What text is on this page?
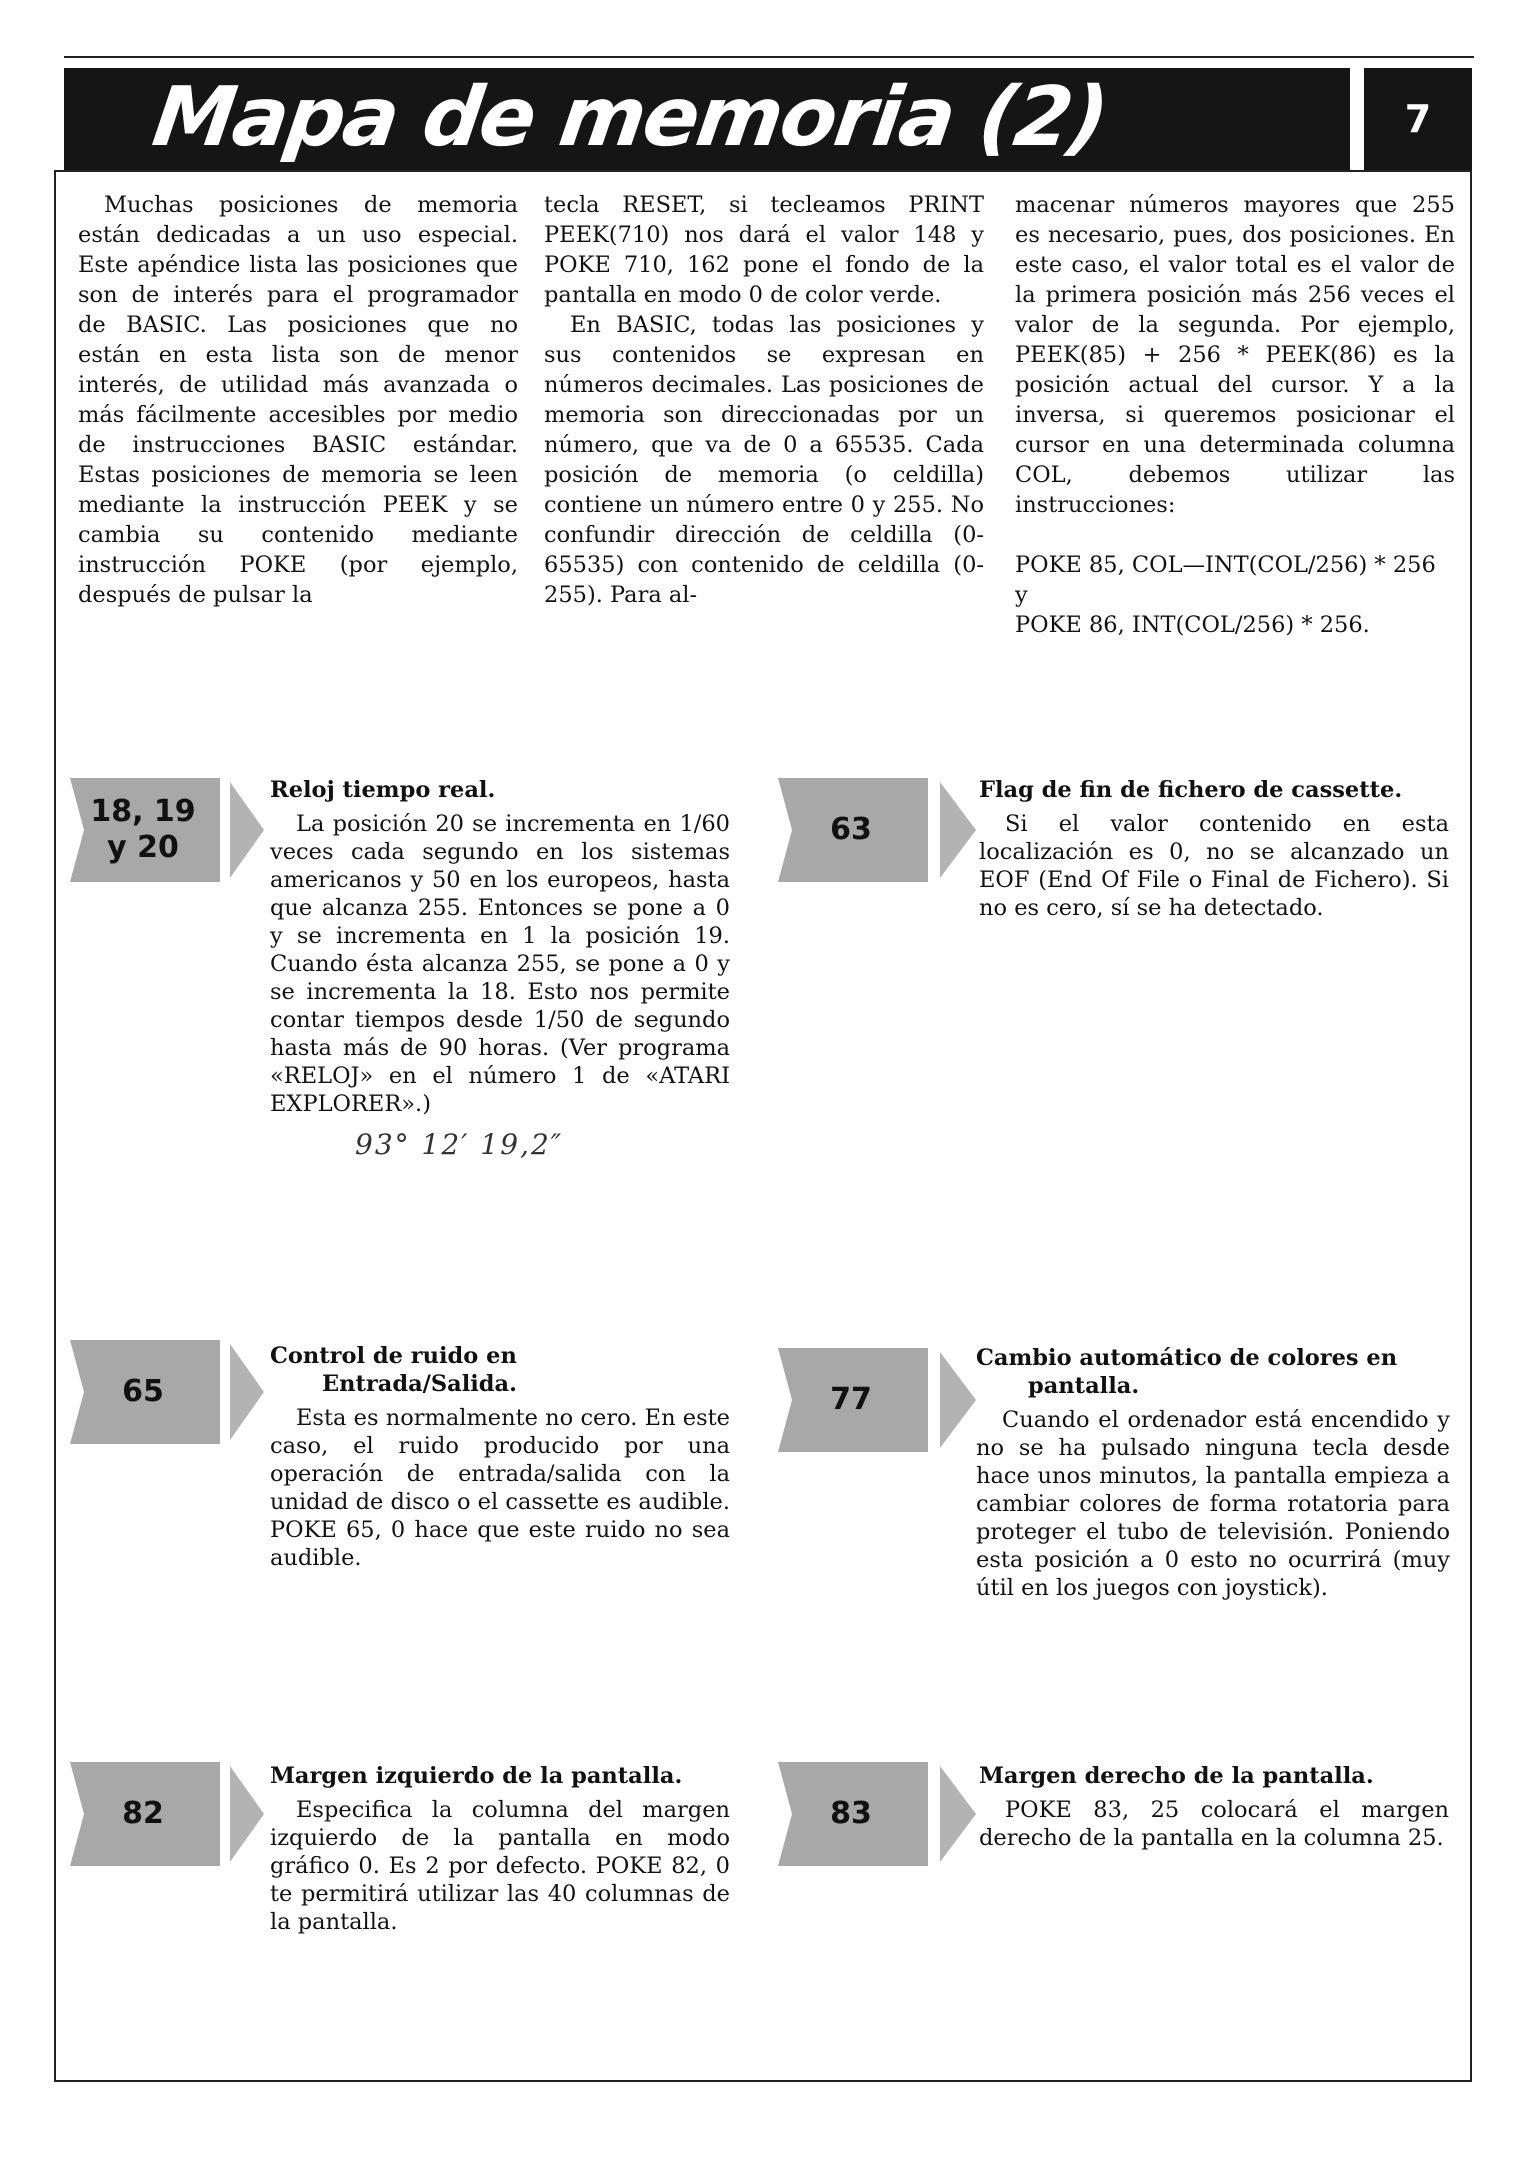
Mapa de memoria (2)	7

Muchas posiciones de memoria están dedicadas a un uso especial. Este apéndice lista las posiciones que son de interés para el programador de BASIC. Las posiciones que no están en esta lista son de menor interés, de utilidad más avanzada o más fácilmente accesibles por medio de instrucciones BASIC estándar. Estas posiciones de memoria se leen mediante la instrucción PEEK y se cambia su contenido mediante instrucción POKE (por ejemplo, después de pulsar la

tecla RESET, si tecleamos PRINT PEEK(710) nos dará el valor 148 y POKE 710, 162 pone el fondo de la pantalla en modo 0 de color verde.

En BASIC, todas las posiciones y sus contenidos se expresan en números decimales. Las posiciones de memoria son direccionadas por un número, que va de 0 a 65535. Cada posición de memoria (o celdilla) contiene un número entre 0 y 255. No confundir dirección de celdilla (0-65535) con contenido de celdilla (0-255). Para al-

macenar números mayores que 255 es necesario, pues, dos posiciones. En este caso, el valor total es el valor de la primera posición más 256 veces el valor de la segunda. Por ejemplo, PEEK(85) + 256 * PEEK(86) es la posición actual del cursor. Y a la inversa, si queremos posicionar el cursor en una determinada columna COL, debemos utilizar las instrucciones:

POKE 85, COL—INT(COL/256) * 256 y

POKE 86, INT(COL/256) * 256.

18, 19
y 20
Reloj tiempo real.

La posición 20 se incrementa en 1/60 veces cada segundo en los sistemas americanos y 50 en los europeos, hasta que alcanza 255. Entonces se pone a 0 y se incrementa en 1 la posición 19. Cuando ésta alcanza 255, se pone a 0 y se incrementa la 18. Esto nos permite contar tiempos desde 1/50 de segundo hasta más de 90 horas. (Ver programa «RELOJ» en el número 1 de «ATARI EXPLORER».)

93° 12′ 19,2″
63
Flag de fin de fichero de cassette.

Si el valor contenido en esta localización es 0, no se alcanzado un EOF (End Of File o Final de Fichero). Si no es cero, sí se ha detectado.

65
Control de ruido en
Entrada/Salida.

Esta es normalmente no cero. En este caso, el ruido producido por una operación de entrada/salida con la unidad de disco o el cassette es audible. POKE 65, 0 hace que este ruido no sea audible.

77
Cambio automático de colores en
pantalla.

Cuando el ordenador está encendido y no se ha pulsado ninguna tecla desde hace unos minutos, la pantalla empieza a cambiar colores de forma rotatoria para proteger el tubo de televisión. Poniendo esta posición a 0 esto no ocurrirá (muy útil en los juegos con joystick).

82
Margen izquierdo de la pantalla.

Especifica la columna del margen izquierdo de la pantalla en modo gráfico 0. Es 2 por defecto. POKE 82, 0 te permitirá utilizar las 40 columnas de la pantalla.

83
Margen derecho de la pantalla.

POKE 83, 25 colocará el margen derecho de la pantalla en la columna 25.
